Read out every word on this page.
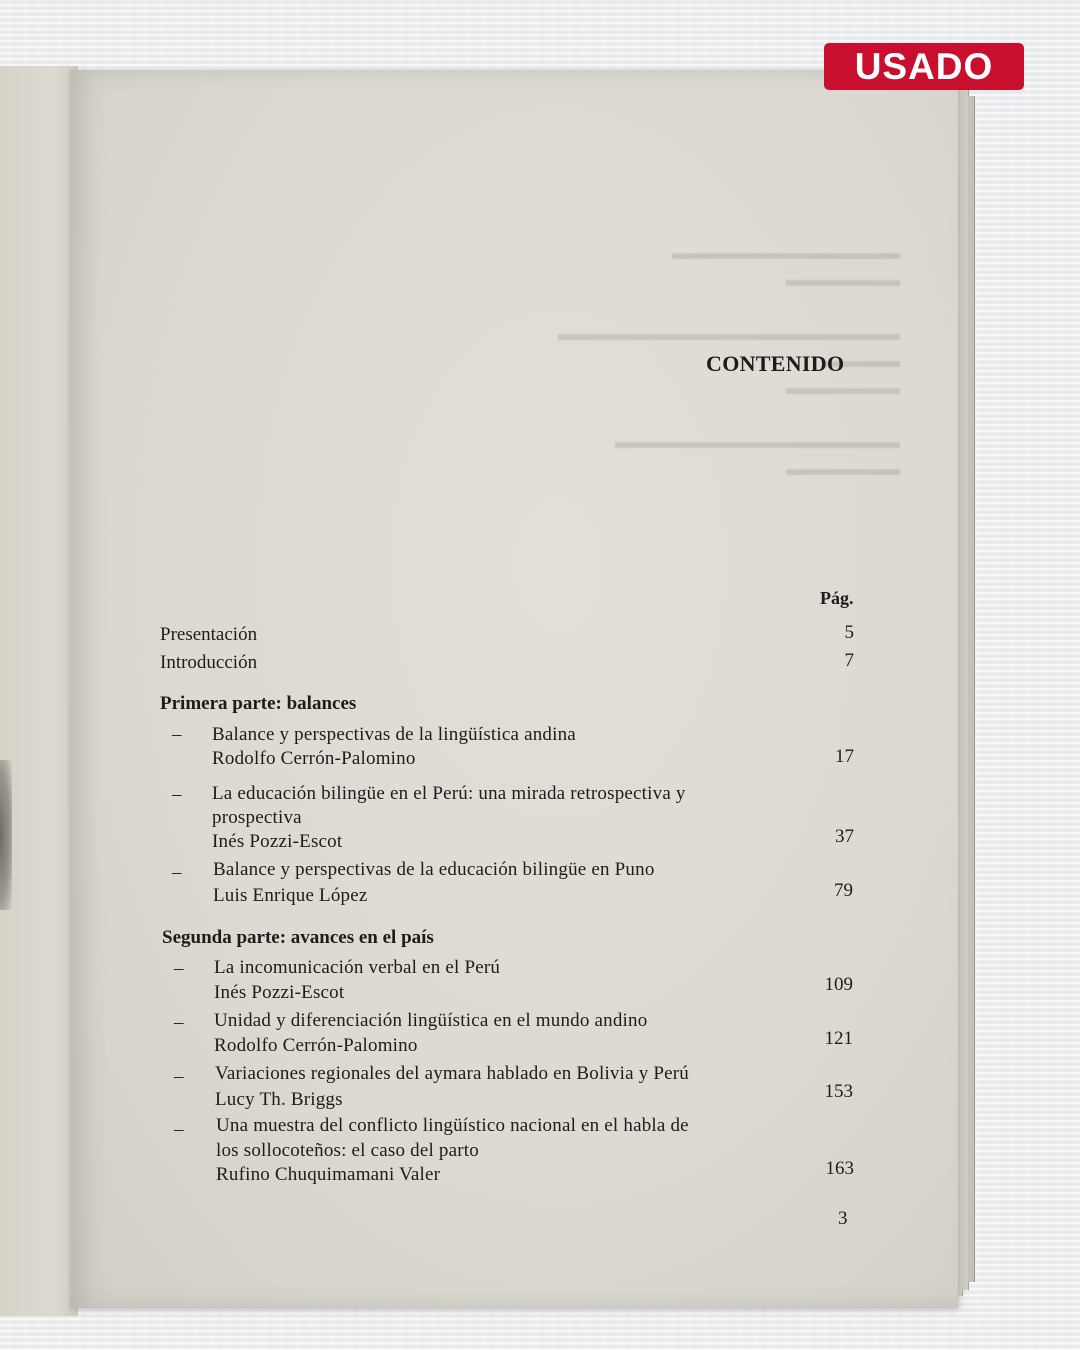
▬▬▬▬▬▬▬▬▬▬▬▬

▬▬▬▬▬▬

▬▬▬▬▬▬▬▬▬▬▬▬▬▬▬▬▬▬

▬▬▬▬

▬▬▬▬▬▬

▬▬▬▬▬▬▬▬▬▬▬▬▬▬▬

▬▬▬▬▬▬

USADO
CONTENIDO
Pág.
Presentación	5
Introducción	7
Primera parte: balances
– Balance y perspectivas de la lingüística andina
Rodolfo Cerrón-Palomino	17
– La educación bilingüe en el Perú: una mirada retrospectiva y
prospectiva
Inés Pozzi-Escot	37
– Balance y perspectivas de la educación bilingüe en Puno
Luis Enrique López	79
Segunda parte: avances en el país
– La incomunicación verbal en el Perú
Inés Pozzi-Escot	109
– Unidad y diferenciación lingüística en el mundo andino
Rodolfo Cerrón-Palomino	121
– Variaciones regionales del aymara hablado en Bolivia y Perú
Lucy Th. Briggs	153
– Una muestra del conflicto lingüístico nacional en el habla de
los sollocoteños: el caso del parto
Rufino Chuquimamani Valer	163
3
